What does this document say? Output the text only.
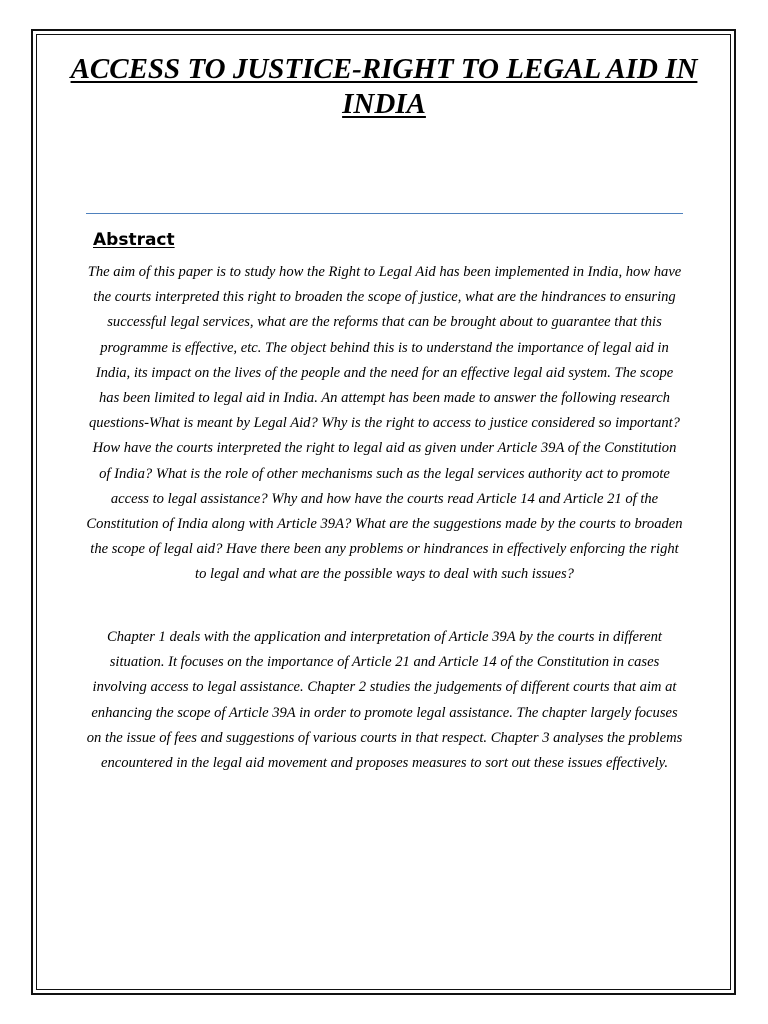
ACCESS TO JUSTICE-RIGHT TO LEGAL AID IN INDIA
Abstract

The aim of this paper is to study how the Right to Legal Aid has been implemented in India, how have the courts interpreted this right to broaden the scope of justice, what are the hindrances to ensuring successful legal services, what are the reforms that can be brought about to guarantee that this programme is effective, etc. The object behind this is to understand the importance of legal aid in India, its impact on the lives of the people and the need for an effective legal aid system. The scope has been limited to legal aid in India. An attempt has been made to answer the following research questions-What is meant by Legal Aid? Why is the right to access to justice considered so important? How have the courts interpreted the right to legal aid as given under Article 39A of the Constitution of India? What is the role of other mechanisms such as the legal services authority act to promote access to legal assistance? Why and how have the courts read Article 14 and Article 21 of the Constitution of India along with Article 39A? What are the suggestions made by the courts to broaden the scope of legal aid? Have there been any problems or hindrances in effectively enforcing the right to legal and what are the possible ways to deal with such issues?

Chapter 1 deals with the application and interpretation of Article 39A by the courts in different situation. It focuses on the importance of Article 21 and Article 14 of the Constitution in cases involving access to legal assistance. Chapter 2 studies the judgements of different courts that aim at enhancing the scope of Article 39A in order to promote legal assistance. The chapter largely focuses on the issue of fees and suggestions of various courts in that respect. Chapter 3 analyses the problems encountered in the legal aid movement and proposes measures to sort out these issues effectively.
